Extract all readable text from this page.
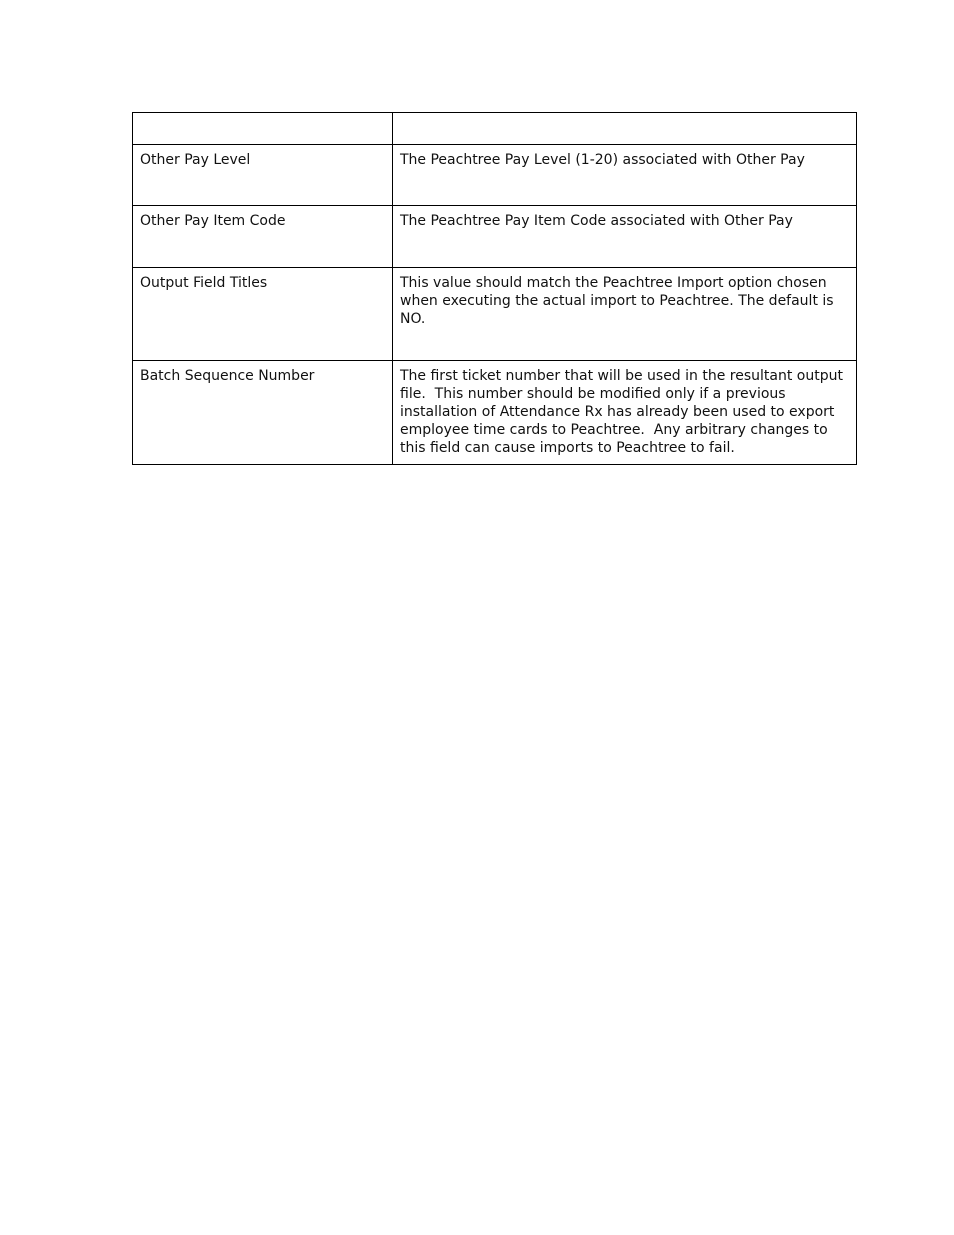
Other Pay Level	The Peachtree Pay Level (1-20) associated with Other Pay
Other Pay Item Code	The Peachtree Pay Item Code associated with Other Pay
Output Field Titles	This value should match the Peachtree Import option chosen when executing the actual import to Peachtree. The default is NO.
Batch Sequence Number	The first ticket number that will be used in the resultant output file.  This number should be modified only if a previous installation of Attendance Rx has already been used to export employee time cards to Peachtree.  Any arbitrary changes to this field can cause imports to Peachtree to fail.
